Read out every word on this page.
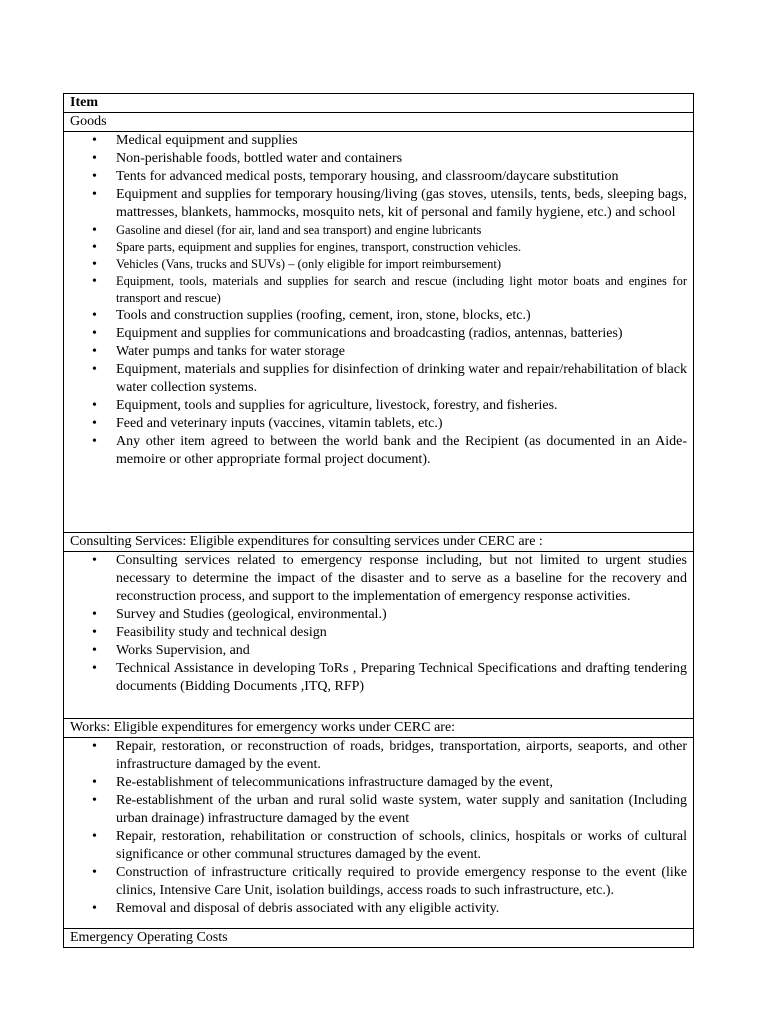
Item
Goods

• Medical equipment and supplies
• Non-perishable foods, bottled water and containers
• Tents for advanced medical posts, temporary housing, and classroom/daycare substitution
• Equipment and supplies for temporary housing/living (gas stoves, utensils, tents, beds, sleeping bags, mattresses, blankets, hammocks, mosquito nets, kit of personal and family hygiene, etc.) and school
• Gasoline and diesel (for air, land and sea transport) and engine lubricants
• Spare parts, equipment and supplies for engines, transport, construction vehicles.
• Vehicles (Vans, trucks and SUVs) – (only eligible for import reimbursement)
• Equipment, tools, materials and supplies for search and rescue (including light motor boats and engines for transport and rescue)
• Tools and construction supplies (roofing, cement, iron, stone, blocks, etc.)
• Equipment and supplies for communications and broadcasting (radios, antennas, batteries)
• Water pumps and tanks for water storage
• Equipment, materials and supplies for disinfection of drinking water and repair/rehabilitation of black water collection systems.
• Equipment, tools and supplies for agriculture, livestock, forestry, and fisheries.
• Feed and veterinary inputs (vaccines, vitamin tablets, etc.)
• Any other item agreed to between the world bank and the Recipient (as documented in an Aide-memoire or other appropriate formal project document).

Consulting Services: Eligible expenditures for consulting services under CERC are :

• Consulting services related to emergency response including, but not limited to urgent studies necessary to determine the impact of the disaster and to serve as a baseline for the recovery and reconstruction process, and support to the implementation of emergency response activities.
• Survey and Studies (geological, environmental.)
• Feasibility study and technical design
• Works Supervision, and
• Technical Assistance in developing ToRs , Preparing Technical Specifications and drafting tendering documents (Bidding Documents ,ITQ, RFP)

Works: Eligible expenditures for emergency works under CERC are:

• Repair, restoration, or reconstruction of roads, bridges, transportation, airports, seaports, and other infrastructure damaged by the event.
• Re-establishment of telecommunications infrastructure damaged by the event,
• Re-establishment of the urban and rural solid waste system, water supply and sanitation (Including urban drainage) infrastructure damaged by the event
• Repair, restoration, rehabilitation or construction of schools, clinics, hospitals or works of cultural significance or other communal structures damaged by the event.
• Construction of infrastructure critically required to provide emergency response to the event (like clinics, Intensive Care Unit, isolation buildings, access roads to such infrastructure, etc.).
• Removal and disposal of debris associated with any eligible activity.

Emergency Operating Costs
